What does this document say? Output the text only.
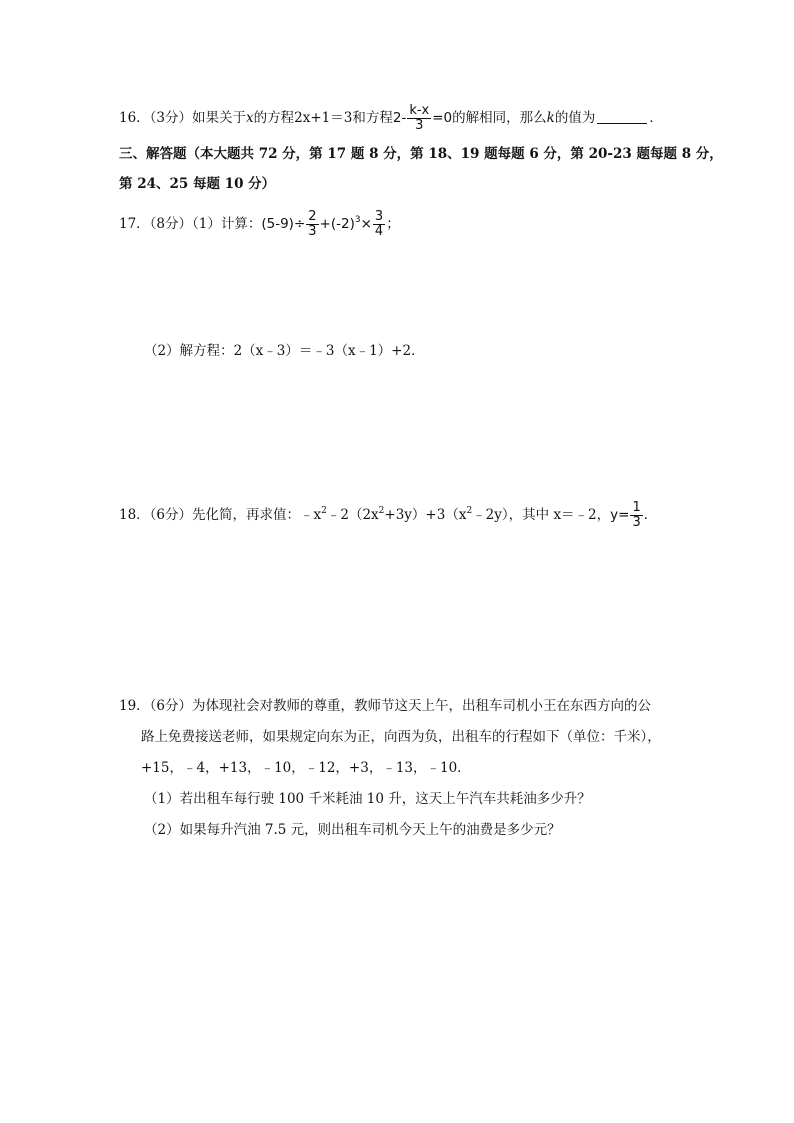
16．（3分）如果关于x的方程2x+1＝3和方程$2- \frac{k-x}{3} =0$的解相同，那么k的值为	．
三、解答题（本大题共 72 分，第 17 题 8 分，第 18、19 题每题 6 分，第 20-23 题每题 8 分，
第 24、25 每题 10 分）
17．（8分）（1）计算：$(5-9)\div \frac{2}{3} +(-2)^3\times \frac{3}{4}$ ；
（2）解方程：2（x﹣3）＝﹣3（x﹣1）+2．
18．（6分）先化简，再求值：$﹣x^2﹣2(2x^2+3y)+3(x^2﹣2y)$，其中 x＝﹣2，$y= \frac{1}{3}$ ．
19．（6分）为体现社会对教师的尊重，教师节这天上午，出租车司机小王在东西方向的公
路上免费接送老师，如果规定向东为正，向西为负，出租车的行程如下（单位：千米），
+15，﹣4，+13，﹣10，﹣12，+3，﹣13，﹣10．
（1）若出租车每行驶 100 千米耗油 10 升，这天上午汽车共耗油多少升？
（2）如果每升汽油 7.5 元，则出租车司机今天上午的油费是多少元？
